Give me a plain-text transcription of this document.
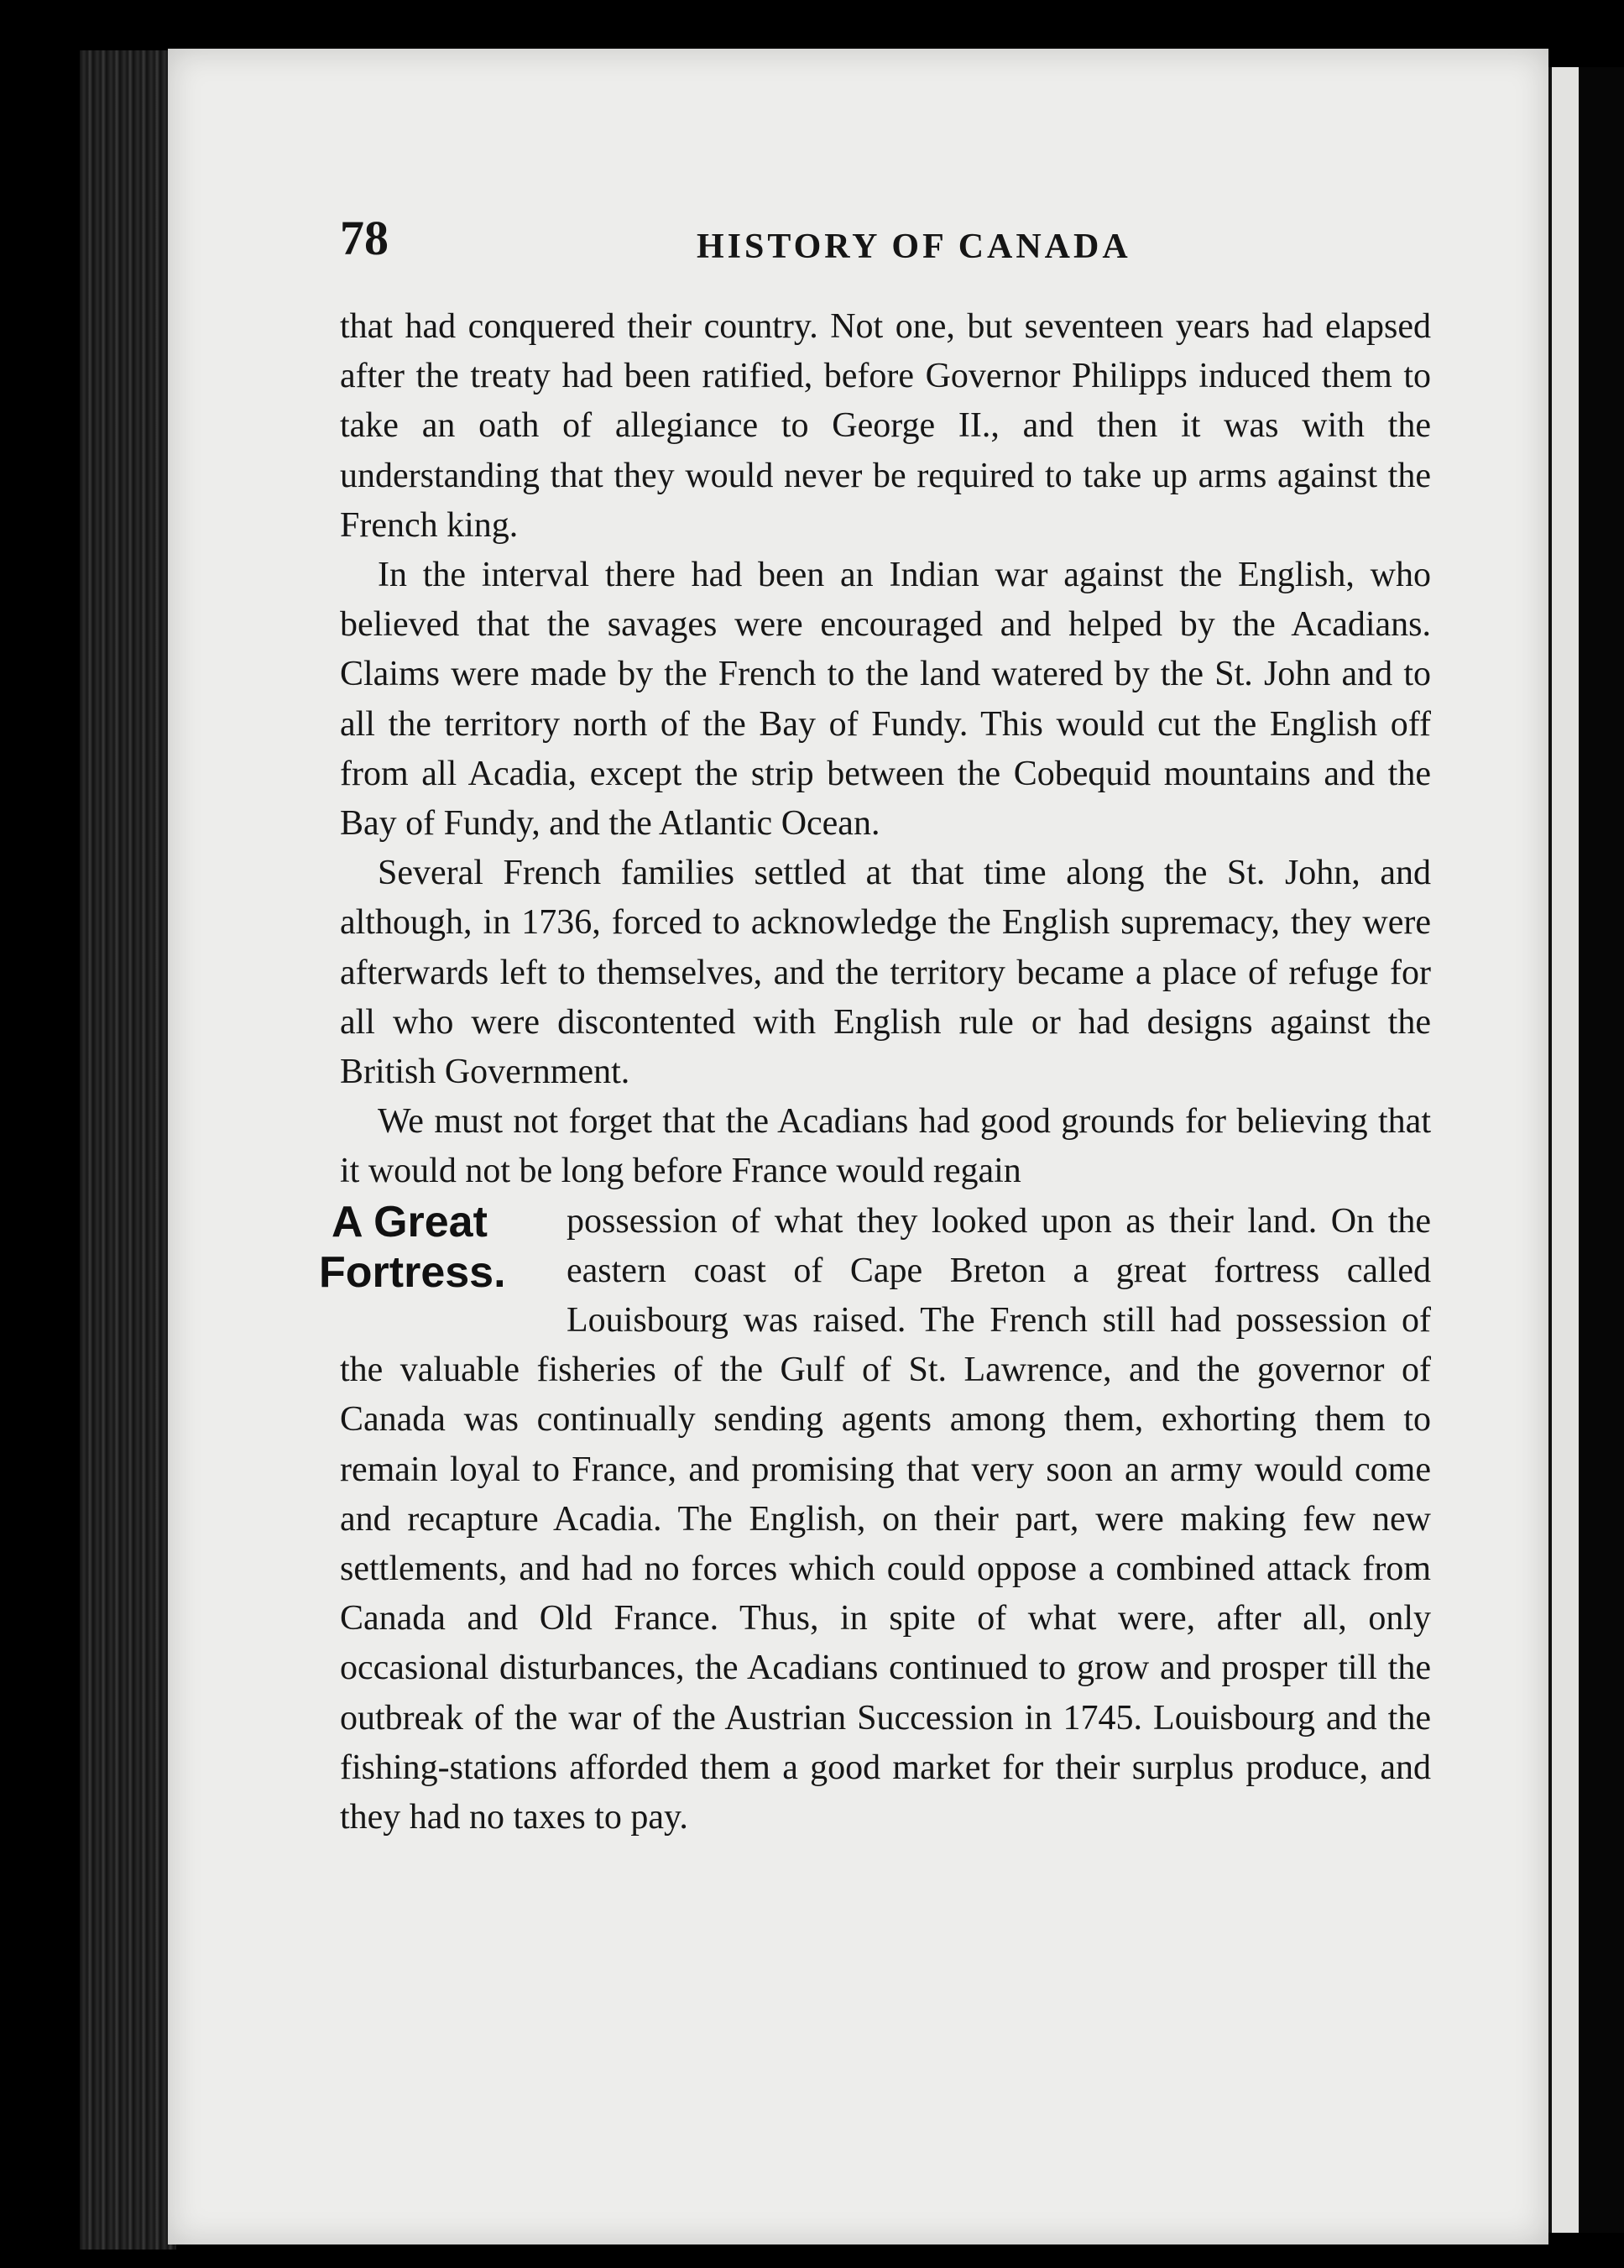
78	HISTORY OF CANADA

that had conquered their country. Not one, but seventeen years had elapsed after the treaty had been ratified, before Governor Philipps induced them to take an oath of allegiance to George II., and then it was with the understanding that they would never be required to take up arms against the French king.

In the interval there had been an Indian war against the English, who believed that the savages were encouraged and helped by the Acadians. Claims were made by the French to the land watered by the St. John and to all the territory north of the Bay of Fundy. This would cut the English off from all Acadia, except the strip between the Cobequid mountains and the Bay of Fundy, and the Atlantic Ocean.

Several French families settled at that time along the St. John, and although, in 1736, forced to acknowledge the English supremacy, they were afterwards left to themselves, and the territory became a place of refuge for all who were discontented with English rule or had designs against the British Government.

We must not forget that the Acadians had good grounds for believing that it would not be long before France would regain

A Great
Fortress.
possession of what they looked upon as their land. On the eastern coast of Cape Breton a great fortress called Louisbourg was raised. The French still had possession of the valuable fisheries of the Gulf of St. Lawrence, and the governor of Canada was continually sending agents among them, exhorting them to remain loyal to France, and promising that very soon an army would come and recapture Acadia. The English, on their part, were making few new settlements, and had no forces which could oppose a combined attack from Canada and Old France. Thus, in spite of what were, after all, only occasional disturbances, the Acadians continued to grow and prosper till the outbreak of the war of the Austrian Succession in 1745. Louisbourg and the fishing-stations afforded them a good market for their surplus produce, and they had no taxes to pay.
